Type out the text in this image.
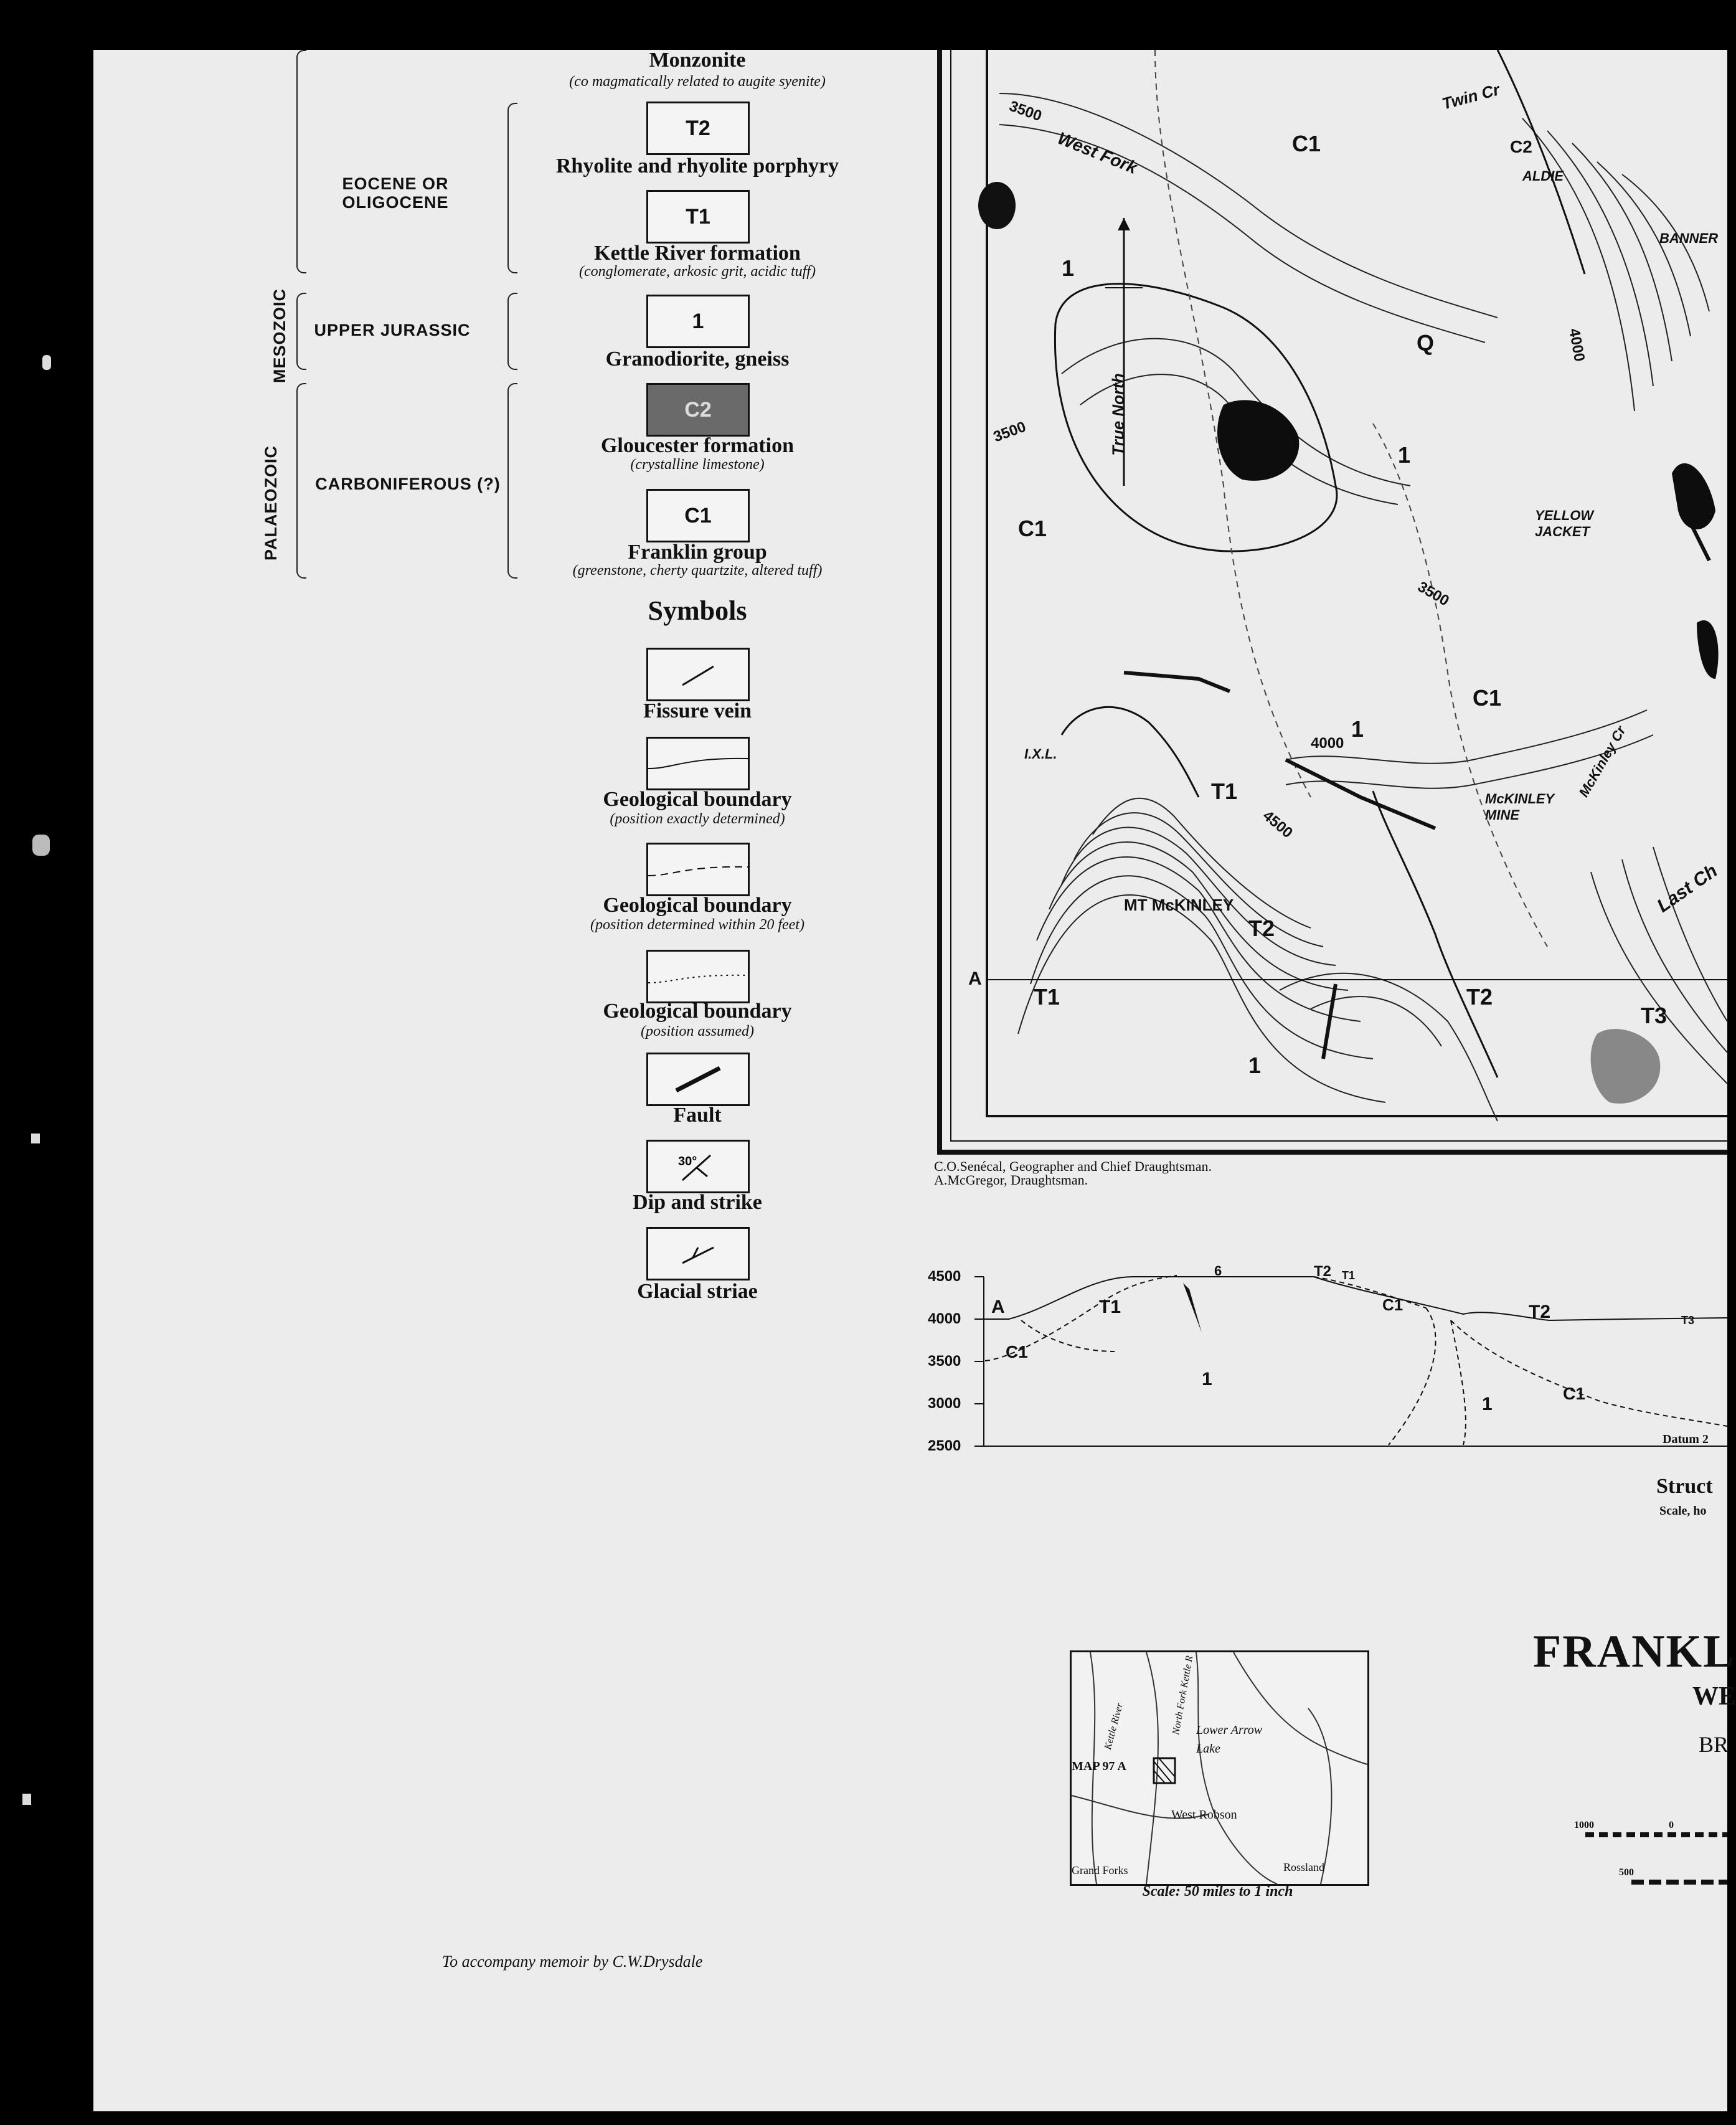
PALAEOZOIC
MESOZOIC
EOCENE OR OLIGOCENE
UPPER JURASSIC
CARBONIFEROUS (?)
Monzonite
(co magmatically related to augite syenite)
T2
Rhyolite and rhyolite porphyry
T1
Kettle River formation
(conglomerate, arkosic grit, acidic tuff)
1
Granodiorite, gneiss
C2
Gloucester formation
(crystalline limestone)
C1
Franklin group
(greenstone, cherty quartzite, altered tuff)
Symbols
Fissure vein
Geological boundary
(position exactly determined)
Geological boundary
(position determined within 20 feet)
Geological boundary
(position assumed)
Fault
30°
Dip and strike
Glacial striae
C1
1
Q
T1
T2
T3
C2
C1
1
1
T1
C1
T2
1
A
West Fork
Twin Cr
ALDIE
BANNER
YELLOW JACKET
I.X.L.
MT McKINLEY
McKINLEY MINE
McKinley Cr
Last Ch
True North
3500
4000
4500
3500
3500
4000
C.O.Senécal, Geographer and Chief Draughtsman.
A.McGregor, Draughtsman.
4500
4000
3500
3000
2500
A	T1
6	T2 T1
C1	T2	T3
C1
1
1
C1
Datum 2
Struct
Scale, ho
MAP 97 A
Lower Arrow Lake
West Robson
Grand Forks	Rossland
Kettle River	North Fork Kettle R
Scale: 50 miles to 1 inch
FRANKL
WE
BR
1000	0
500
To accompany memoir by C.W.Drysdale
